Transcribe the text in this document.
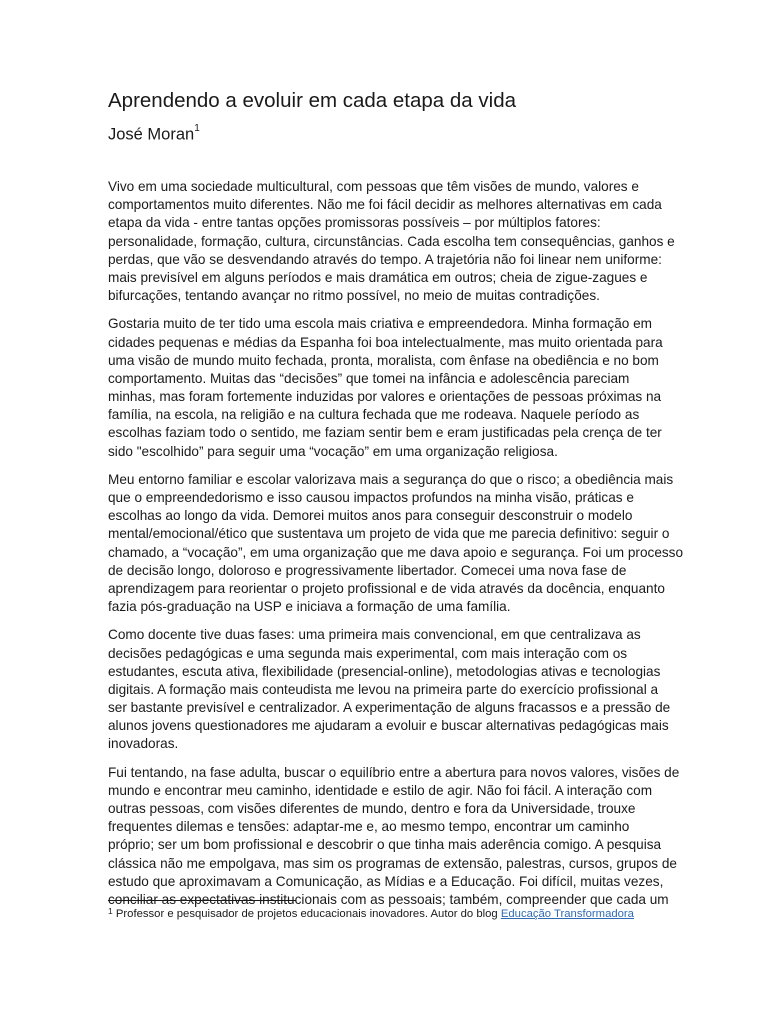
Aprendendo a evoluir em cada etapa da vida
José Moran$^1$
Vivo em uma sociedade multicultural, com pessoas que têm visões de mundo, valores e
comportamentos muito diferentes. Não me foi fácil decidir as melhores alternativas em cada
etapa da vida - entre tantas opções promissoras possíveis – por múltiplos fatores:
personalidade, formação, cultura, circunstâncias. Cada escolha tem consequências, ganhos e
perdas, que vão se desvendando através do tempo. A trajetória não foi linear nem uniforme:
mais previsível em alguns períodos e mais dramática em outros; cheia de zigue-zagues e
bifurcações, tentando avançar no ritmo possível, no meio de muitas contradições.
Gostaria muito de ter tido uma escola mais criativa e empreendedora. Minha formação em
cidades pequenas e médias da Espanha foi boa intelectualmente, mas muito orientada para
uma visão de mundo muito fechada, pronta, moralista, com ênfase na obediência e no bom
comportamento. Muitas das “decisões” que tomei na infância e adolescência pareciam
minhas, mas foram fortemente induzidas por valores e orientações de pessoas próximas na
família, na escola, na religião e na cultura fechada que me rodeava. Naquele período as
escolhas faziam todo o sentido, me faziam sentir bem e eram justificadas pela crença de ter
sido "escolhido” para seguir uma “vocação” em uma organização religiosa.
Meu entorno familiar e escolar valorizava mais a segurança do que o risco; a obediência mais
que o empreendedorismo e isso causou impactos profundos na minha visão, práticas e
escolhas ao longo da vida. Demorei muitos anos para conseguir desconstruir o modelo
mental/emocional/ético que sustentava um projeto de vida que me parecia definitivo: seguir o
chamado, a “vocação”, em uma organização que me dava apoio e segurança. Foi um processo
de decisão longo, doloroso e progressivamente libertador. Comecei uma nova fase de
aprendizagem para reorientar o projeto profissional e de vida através da docência, enquanto
fazia pós-graduação na USP e iniciava a formação de uma família.
Como docente tive duas fases: uma primeira mais convencional, em que centralizava as
decisões pedagógicas e uma segunda mais experimental, com mais interação com os
estudantes, escuta ativa, flexibilidade (presencial-online), metodologias ativas e tecnologias
digitais. A formação mais conteudista me levou na primeira parte do exercício profissional a
ser bastante previsível e centralizador. A experimentação de alguns fracassos e a pressão de
alunos jovens questionadores me ajudaram a evoluir e buscar alternativas pedagógicas mais
inovadoras.
Fui tentando, na fase adulta, buscar o equilíbrio entre a abertura para novos valores, visões de
mundo e encontrar meu caminho, identidade e estilo de agir. Não foi fácil. A interação com
outras pessoas, com visões diferentes de mundo, dentro e fora da Universidade, trouxe
frequentes dilemas e tensões: adaptar-me e, ao mesmo tempo, encontrar um caminho
próprio; ser um bom profissional e descobrir o que tinha mais aderência comigo. A pesquisa
clássica não me empolgava, mas sim os programas de extensão, palestras, cursos, grupos de
estudo que aproximavam a Comunicação, as Mídias e a Educação. Foi difícil, muitas vezes,
conciliar as expectativas institucionais com as pessoais; também, compreender que cada um
$^1$ Professor e pesquisador de projetos educacionais inovadores. Autor do blog Educação Transformadora
